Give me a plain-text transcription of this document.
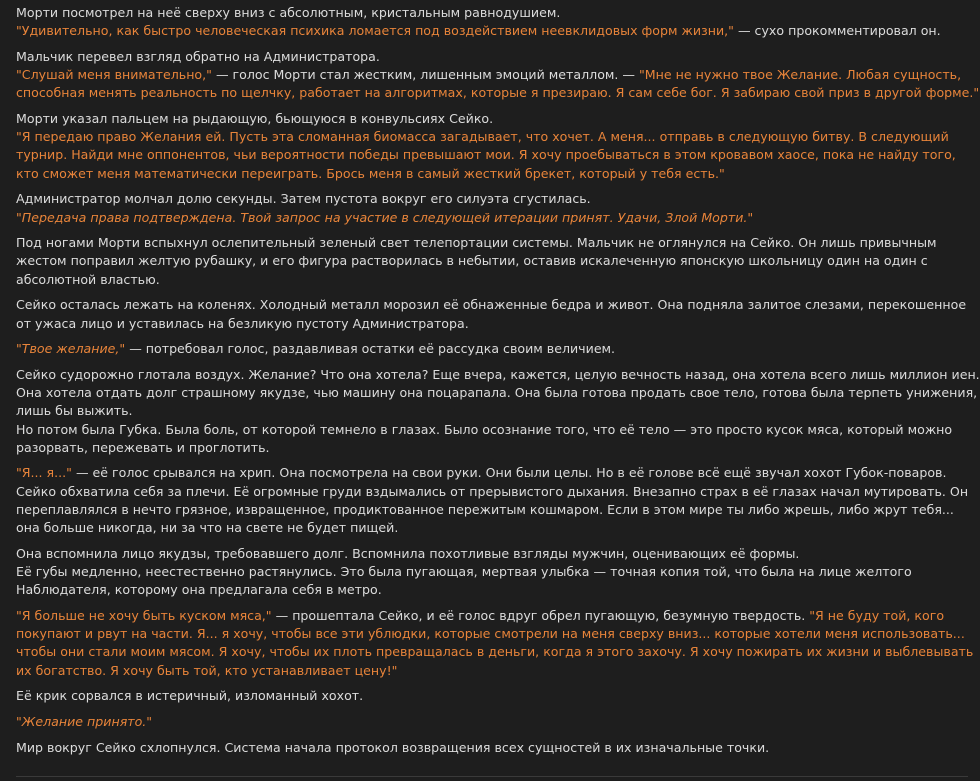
Морти посмотрел на неё сверху вниз с абсолютным, кристальным равнодушием.
"Удивительно, как быстро человеческая психика ломается под воздействием неевклидовых форм жизни," — сухо прокомментировал он.
Мальчик перевел взгляд обратно на Администратора.
"Слушай меня внимательно," — голос Морти стал жестким, лишенным эмоций металлом. — "Мне не нужно твое Желание. Любая сущность,
способная менять реальность по щелчку, работает на алгоритмах, которые я презираю. Я сам себе бог. Я забираю свой приз в другой форме."
Морти указал пальцем на рыдающую, бьющуюся в конвульсиях Сейко.
"Я передаю право Желания ей. Пусть эта сломанная биомасса загадывает, что хочет. А меня... отправь в следующую битву. В следующий
турнир. Найди мне оппонентов, чьи вероятности победы превышают мои. Я хочу проебываться в этом кровавом хаосе, пока не найду того,
кто сможет меня математически переиграть. Брось меня в самый жесткий брекет, который у тебя есть."
Администратор молчал долю секунды. Затем пустота вокруг его силуэта сгустилась.
"Передача права подтверждена. Твой запрос на участие в следующей итерации принят. Удачи, Злой Морти."
Под ногами Морти вспыхнул ослепительный зеленый свет телепортации системы. Мальчик не оглянулся на Сейко. Он лишь привычным
жестом поправил желтую рубашку, и его фигура растворилась в небытии, оставив искалеченную японскую школьницу один на один с
абсолютной властью.
Сейко осталась лежать на коленях. Холодный металл морозил её обнаженные бедра и живот. Она подняла залитое слезами, перекошенное
от ужаса лицо и уставилась на безликую пустоту Администратора.
"Твое желание," — потребовал голос, раздавливая остатки её рассудка своим величием.
Сейко судорожно глотала воздух. Желание? Что она хотела? Еще вчера, кажется, целую вечность назад, она хотела всего лишь миллион иен.
Она хотела отдать долг страшному якудзе, чью машину она поцарапала. Она была готова продать свое тело, готова была терпеть унижения,
лишь бы выжить.
Но потом была Губка. Была боль, от которой темнело в глазах. Было осознание того, что её тело — это просто кусок мяса, который можно
разорвать, пережевать и проглотить.
"Я... я..." — её голос срывался на хрип. Она посмотрела на свои руки. Они были целы. Но в её голове всё ещё звучал хохот Губок-поваров.
Сейко обхватила себя за плечи. Её огромные груди вздымались от прерывистого дыхания. Внезапно страх в её глазах начал мутировать. Он
переплавлялся в нечто грязное, извращенное, продиктованное пережитым кошмаром. Если в этом мире ты либо жрешь, либо жрут тебя...
она больше никогда, ни за что на свете не будет пищей.
Она вспомнила лицо якудзы, требовавшего долг. Вспомнила похотливые взгляды мужчин, оценивающих её формы.
Её губы медленно, неестественно растянулись. Это была пугающая, мертвая улыбка — точная копия той, что была на лице желтого
Наблюдателя, которому она предлагала себя в метро.
"Я больше не хочу быть куском мяса," — прошептала Сейко, и её голос вдруг обрел пугающую, безумную твердость. "Я не буду той, кого
покупают и рвут на части. Я... я хочу, чтобы все эти ублюдки, которые смотрели на меня сверху вниз... которые хотели меня использовать...
чтобы они стали моим мясом. Я хочу, чтобы их плоть превращалась в деньги, когда я этого захочу. Я хочу пожирать их жизни и выблевывать
их богатство. Я хочу быть той, кто устанавливает цену!"
Её крик сорвался в истеричный, изломанный хохот.
"Желание принято."
Мир вокруг Сейко схлопнулся. Система начала протокол возвращения всех сущностей в их изначальные точки.
